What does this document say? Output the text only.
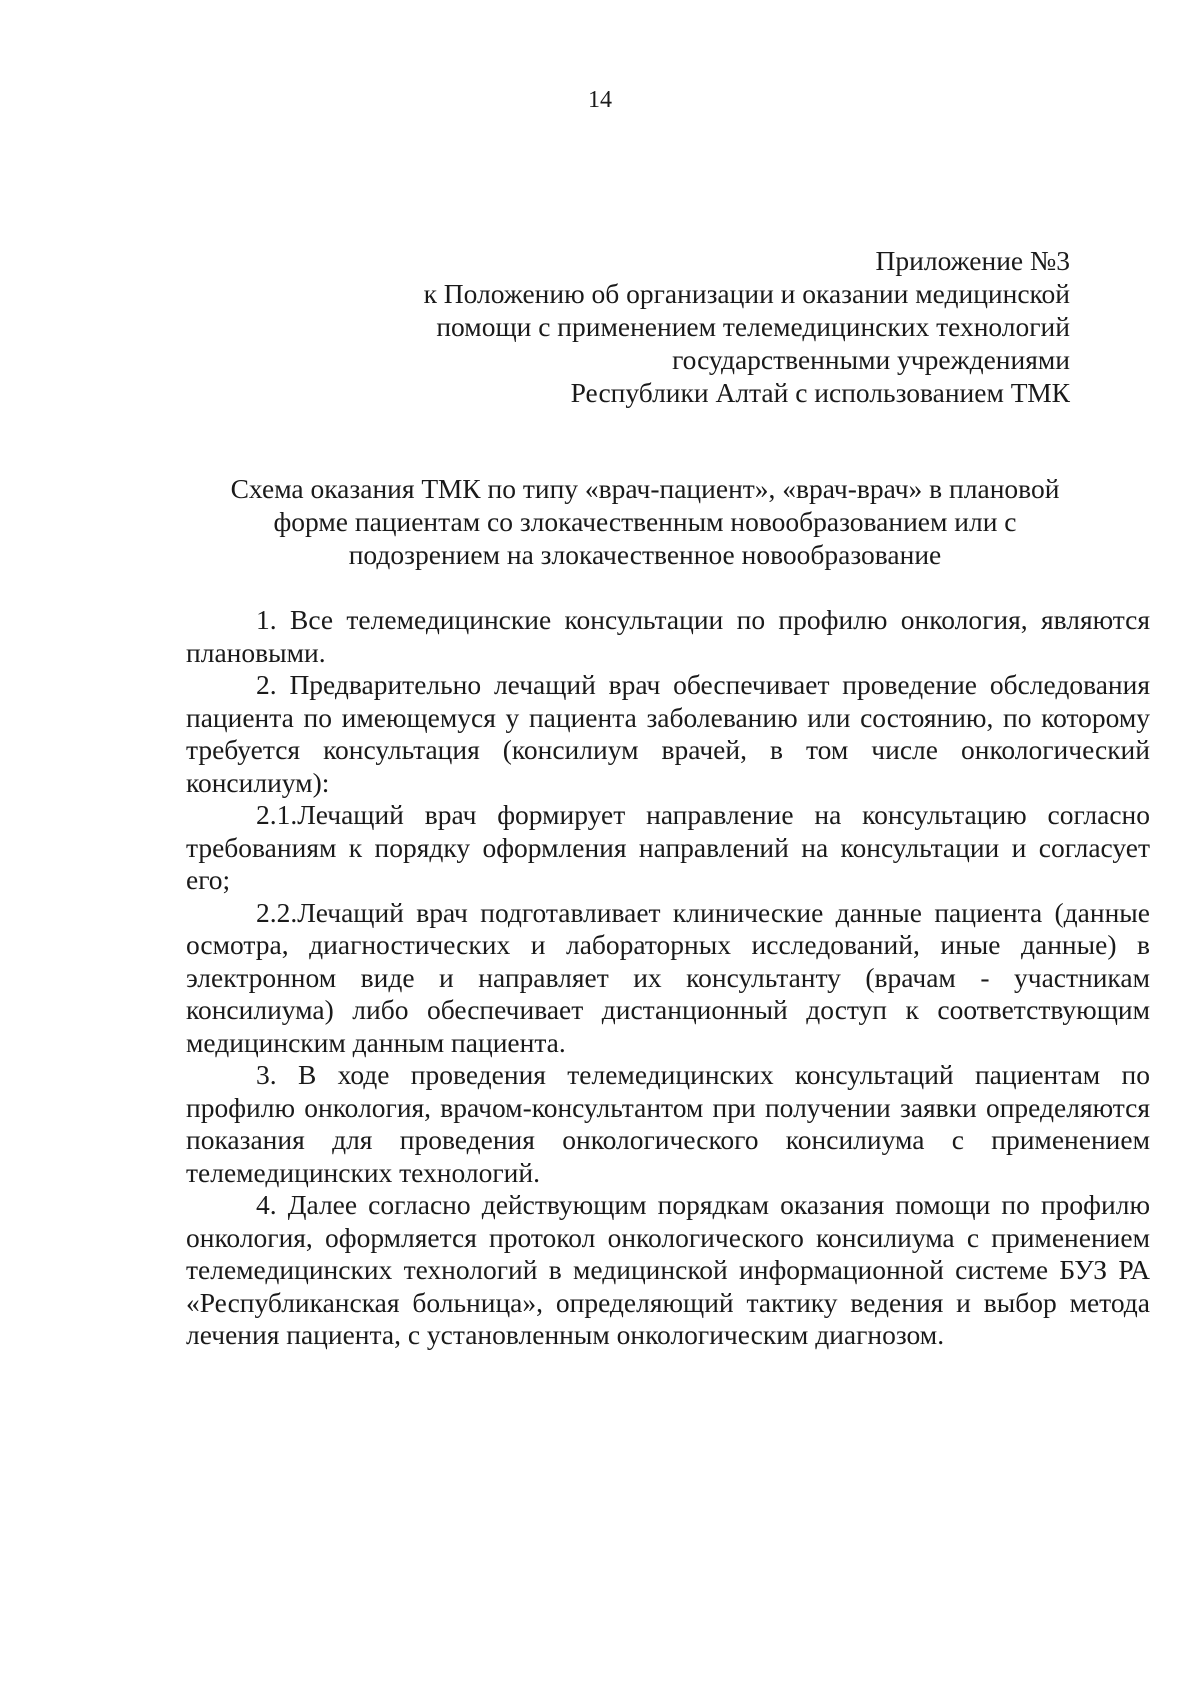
14
Приложение №3
к Положению об организации и оказании медицинской
помощи с применением телемедицинских технологий
государственными учреждениями
Республики Алтай с использованием ТМК
Схема оказания ТМК по типу «врач-пациент», «врач-врач» в плановой
форме пациентам со злокачественным новообразованием или с
подозрением на злокачественное новообразование

1. Все телемедицинские консультации по профилю онкология, являются плановыми.

2. Предварительно лечащий врач обеспечивает проведение обследования пациента по имеющемуся у пациента заболеванию или состоянию, по которому требуется консультация (консилиум врачей, в том числе онкологический консилиум):

2.1.Лечащий врач формирует направление на консультацию согласно требованиям к порядку оформления направлений на консультации и согласует его;

2.2.Лечащий врач подготавливает клинические данные пациента (данные осмотра, диагностических и лабораторных исследований, иные данные) в электронном виде и направляет их консультанту (врачам - участникам консилиума) либо обеспечивает дистанционный доступ к соответствующим медицинским данным пациента.

3. В ходе проведения телемедицинских консультаций пациентам по профилю онкология, врачом-консультантом при получении заявки определяются показания для проведения онкологического консилиума с применением телемедицинских технологий.

4. Далее согласно действующим порядкам оказания помощи по профилю онкология, оформляется протокол онкологического консилиума с применением телемедицинских технологий в медицинской информационной системе БУЗ РА «Республиканская больница», определяющий тактику ведения и выбор метода лечения пациента, с установленным онкологическим диагнозом.
